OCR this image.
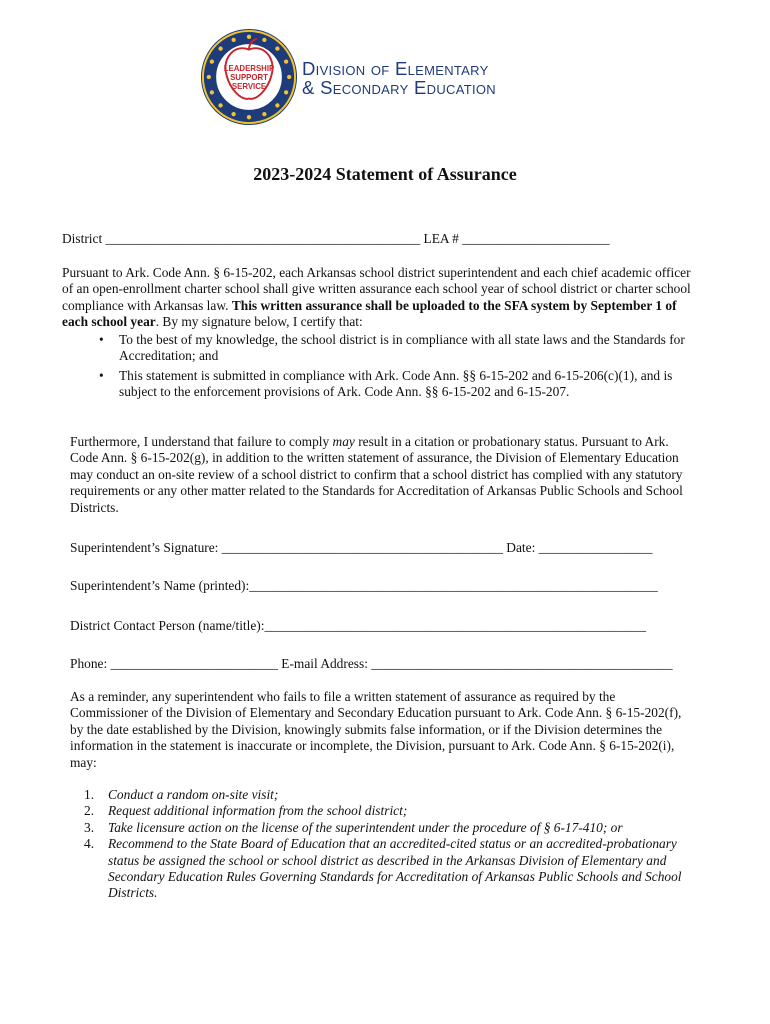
LEADERSHIP
SUPPORT
SERVICE
Division of Elementary
& Secondary Education
2023-2024 Statement of Assurance
District _______________________________________________ LEA # ______________________

Pursuant to Ark. Code Ann. § 6-15-202, each Arkansas school district superintendent and each chief academic officer of an open-enrollment charter school shall give written assurance each school year of school district or charter school compliance with Arkansas law. This written assurance shall be uploaded to the SFA system by September 1 of each school year. By my signature below, I certify that:

• To the best of my knowledge, the school district is in compliance with all state laws and the Standards for Accreditation; and
• This statement is submitted in compliance with Ark. Code Ann. §§ 6-15-202 and 6-15-206(c)(1), and is subject to the enforcement provisions of Ark. Code Ann. §§ 6-15-202 and 6-15-207.

Furthermore, I understand that failure to comply may result in a citation or probationary status. Pursuant to Ark. Code Ann. § 6-15-202(g), in addition to the written statement of assurance, the Division of Elementary Education may conduct an on-site review of a school district to confirm that a school district has complied with any statutory requirements or any other matter related to the Standards for Accreditation of Arkansas Public Schools and School Districts.

Superintendent’s Signature: __________________________________________ Date: _________________
Superintendent’s Name (printed):_____________________________________________________________
District Contact Person (name/title):_________________________________________________________
Phone: _________________________ E-mail Address: _____________________________________________

As a reminder, any superintendent who fails to file a written statement of assurance as required by the Commissioner of the Division of Elementary and Secondary Education pursuant to Ark. Code Ann. § 6-15-202(f), by the date established by the Division, knowingly submits false information, or if the Division determines the information in the statement is inaccurate or incomplete, the Division, pursuant to Ark. Code Ann. § 6-15-202(i), may:

1. Conduct a random on-site visit;
2. Request additional information from the school district;
3. Take licensure action on the license of the superintendent under the procedure of § 6-17-410; or
4. Recommend to the State Board of Education that an accredited-cited status or an accredited-probationary status be assigned the school or school district as described in the Arkansas Division of Elementary and Secondary Education Rules Governing Standards for Accreditation of Arkansas Public Schools and School Districts.
